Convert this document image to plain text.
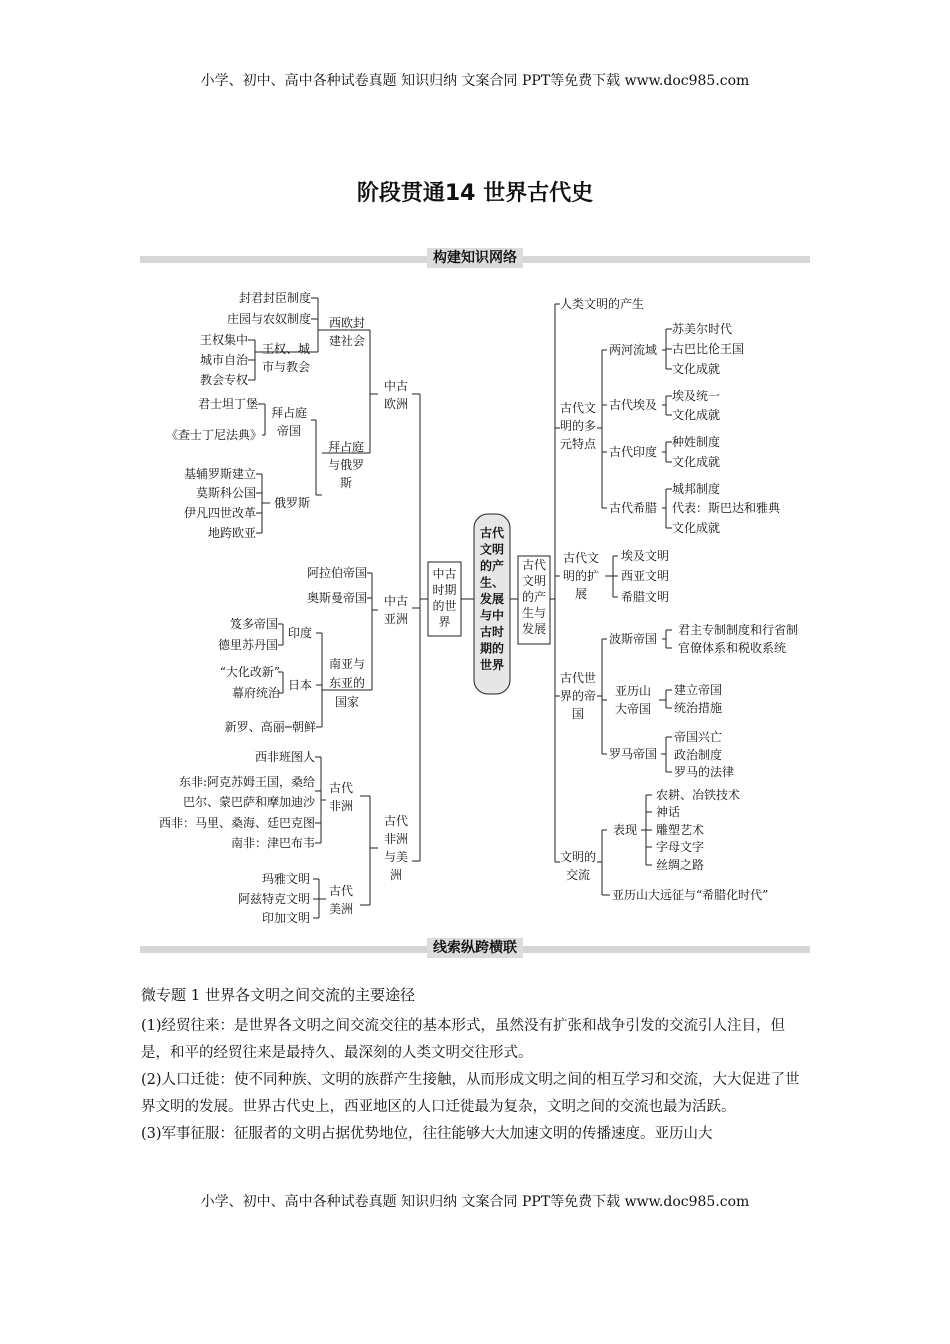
小学、初中、高中各种试卷真题 知识归纳 文案合同 PPT等免费下载 www.doc985.com
阶段贯通14 世界古代史
构建知识网络
古代
文明
的产
生、
发展
与中
古时
期的
世界
中古
时期
的世
界
古代
文明
的产
生与
发展
中古
欧洲
西欧封
建社会
封君封臣制度
庄园与农奴制度
王权、城
市与教会
王权集中
城市自治
教会专权
拜占庭
与俄罗
斯
拜占庭
帝国
君士坦丁堡
《查士丁尼法典》
俄罗斯
基辅罗斯建立
莫斯科公国
伊凡四世改革
地跨欧亚
中古
亚洲
阿拉伯帝国
奥斯曼帝国
南亚与
东亚的
国家
印度
笈多帝国
德里苏丹国
日本
“大化改新”
幕府统治
新罗、高丽─朝鲜
古代
非洲
与美
洲
古代
非洲
西非班图人
东非:阿克苏姆王国，桑给
巴尔、蒙巴萨和摩加迪沙
西非：马里、桑海、廷巴克图
南非：津巴布韦
古代
美洲
玛雅文明
阿兹特克文明
印加文明
人类文明的产生
古代文
明的多
元特点
两河流域
苏美尔时代
古巴比伦王国
文化成就
古代埃及
埃及统一
文化成就
古代印度
种姓制度
文化成就
古代希腊
城邦制度
代表：斯巴达和雅典
文化成就
古代文
明的扩
展
埃及文明
西亚文明
希腊文明
古代世
界的帝
国
波斯帝国
君主专制制度和行省制
官僚体系和税收系统
亚历山
大帝国
建立帝国
统治措施
罗马帝国
帝国兴亡
政治制度
罗马的法律
文明的
交流
表现
农耕、冶铁技术
神话
雕塑艺术
字母文字
丝绸之路
亚历山大远征与“希腊化时代”
线索纵跨横联
微专题 1 世界各文明之间交流的主要途径

(1)经贸往来：是世界各文明之间交流交往的基本形式，虽然没有扩张和战争引发的交流引人注目，但是，和平的经贸往来是最持久、最深刻的人类文明交往形式。

(2)人口迁徙：使不同种族、文明的族群产生接触，从而形成文明之间的相互学习和交流，大大促进了世界文明的发展。世界古代史上，西亚地区的人口迁徙最为复杂，文明之间的交流也最为活跃。

(3)军事征服：征服者的文明占据优势地位，往往能够大大加速文明的传播速度。亚历山大

小学、初中、高中各种试卷真题 知识归纳 文案合同 PPT等免费下载 www.doc985.com
